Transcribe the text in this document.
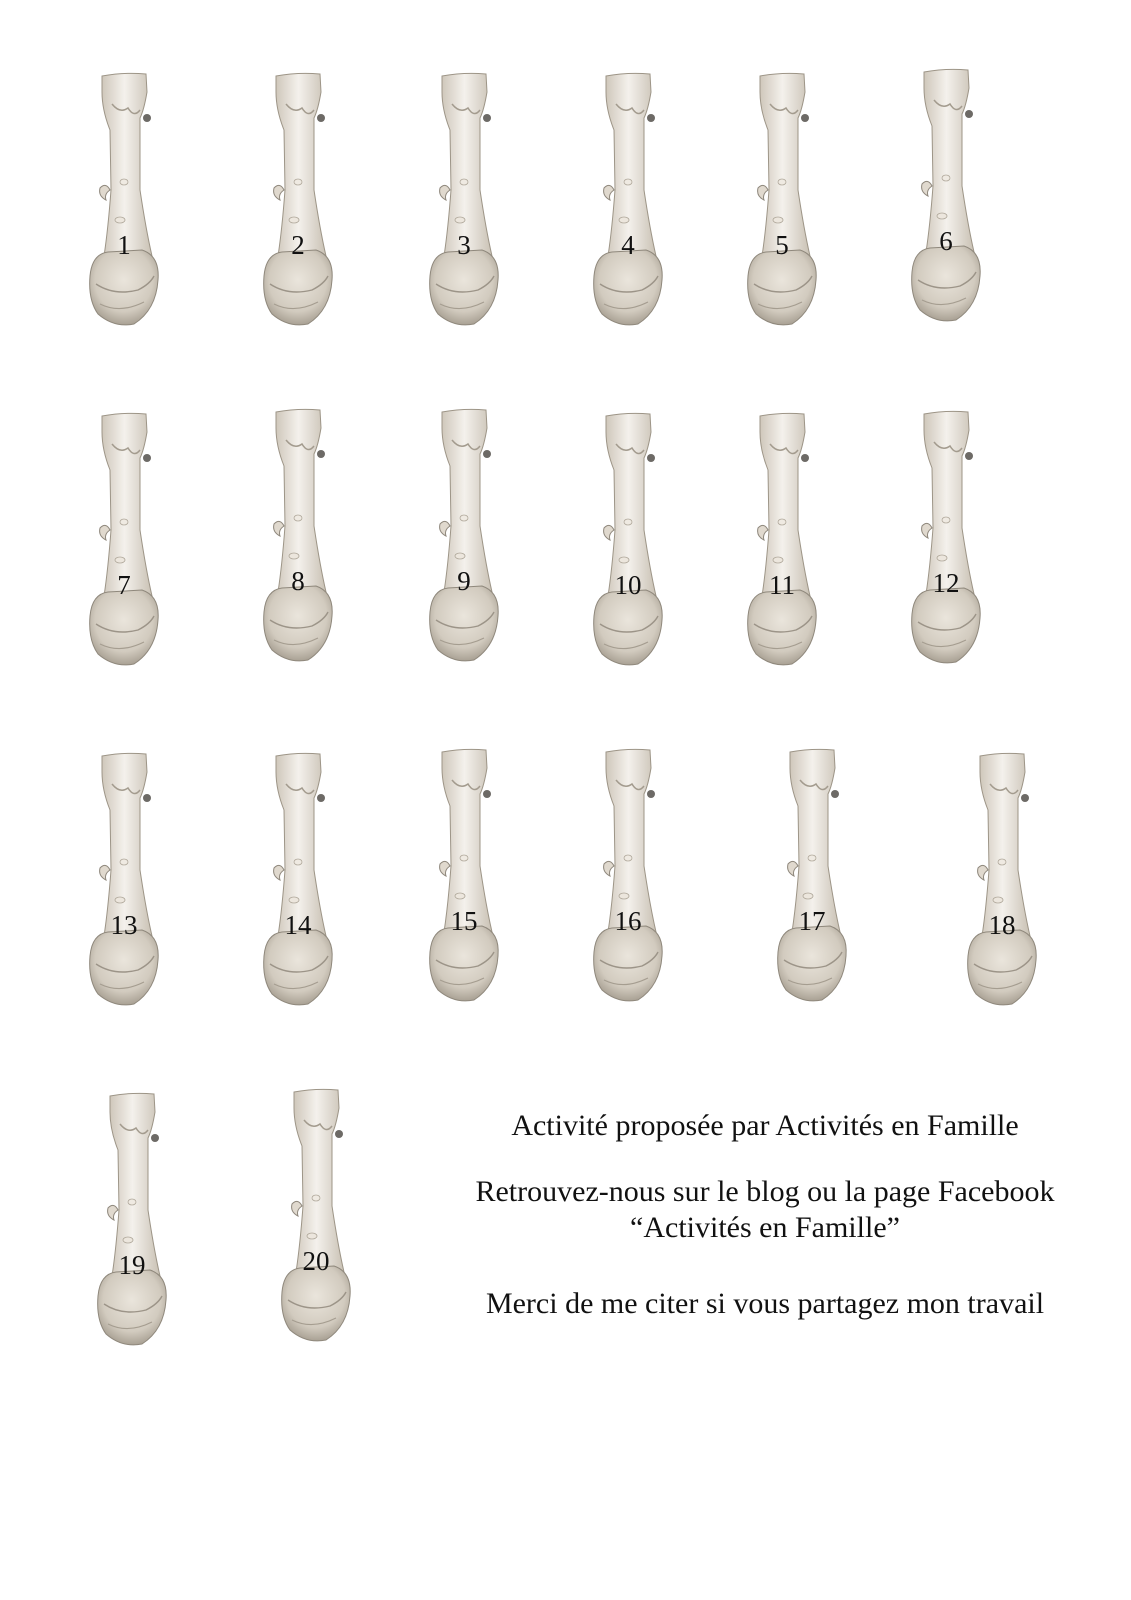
1	2	3	4	5	6
7	8	9	10	11	12
13	14	15	16	17	18
19	20

Activité proposée par Activités en Famille

Retrouvez-nous sur le blog ou la page Facebook

“Activités en Famille”

Merci de me citer si vous partagez mon travail
